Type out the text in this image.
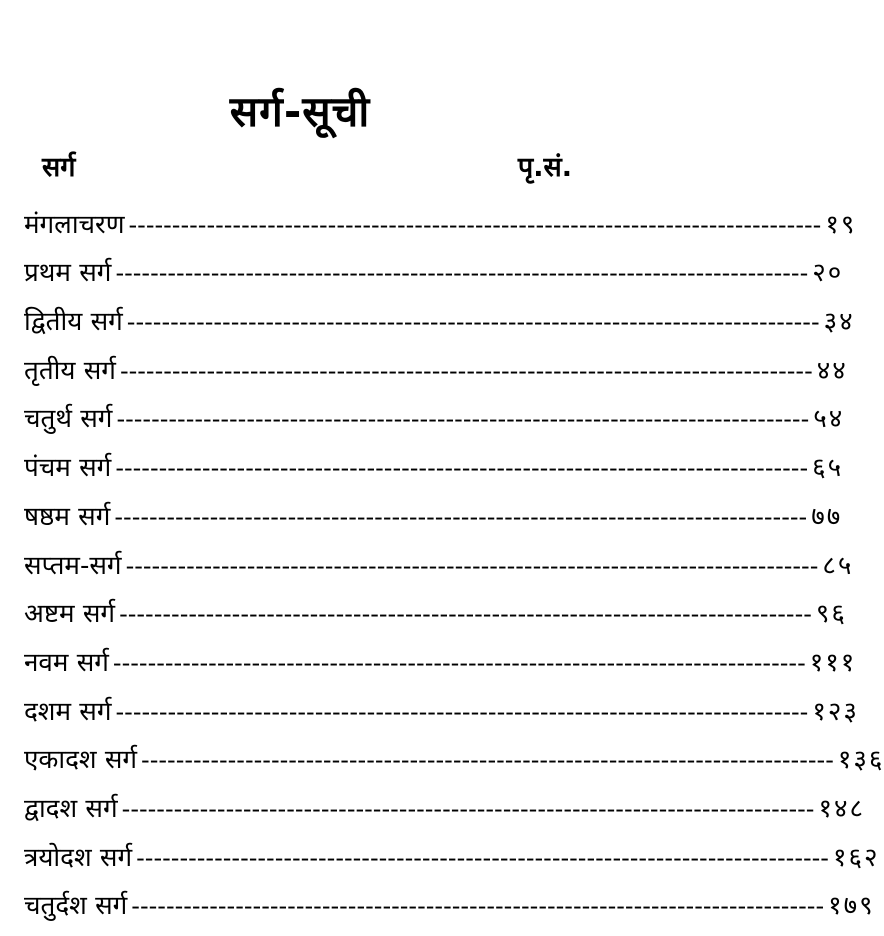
सर्ग-सूची
सर्ग	पृ.सं.
मंगलाचरण -------------------------------------------------------------------------------- १९
प्रथम सर्ग -------------------------------------------------------------------------------- २०
द्वितीय सर्ग -------------------------------------------------------------------------------- ३४
तृतीय सर्ग -------------------------------------------------------------------------------- ४४
चतुर्थ सर्ग -------------------------------------------------------------------------------- ५४
पंचम सर्ग -------------------------------------------------------------------------------- ६५
षष्ठम सर्ग -------------------------------------------------------------------------------- ७७
सप्तम-सर्ग -------------------------------------------------------------------------------- ८५
अष्टम सर्ग -------------------------------------------------------------------------------- ९६
नवम सर्ग -------------------------------------------------------------------------------- १११
दशम सर्ग -------------------------------------------------------------------------------- १२३
एकादश सर्ग -------------------------------------------------------------------------------- १३६
द्वादश सर्ग -------------------------------------------------------------------------------- १४८
त्रयोदश सर्ग -------------------------------------------------------------------------------- १६२
चतुर्दश सर्ग -------------------------------------------------------------------------------- १७९
